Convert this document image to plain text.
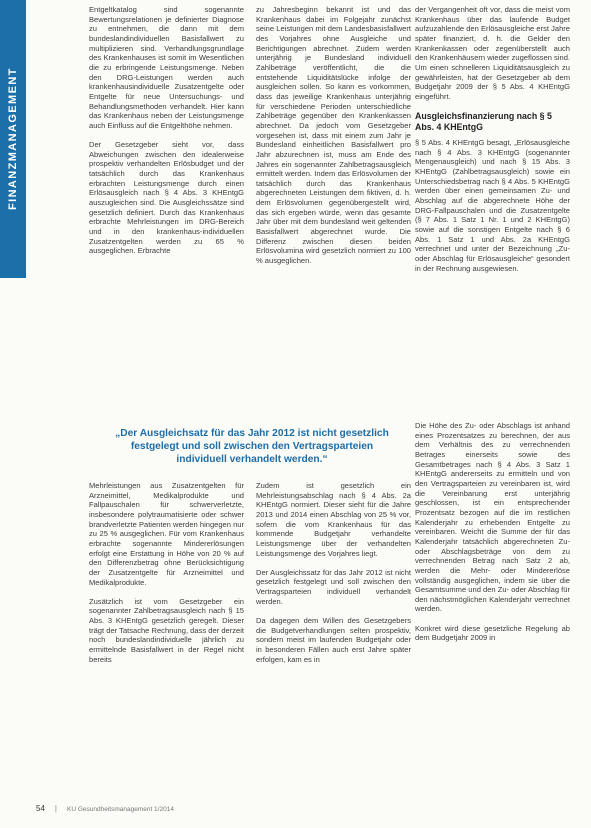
FINANZMANAGEMENT

Entgeltkatalog sind sogenannte Bewertungsrelationen je definierter Diagnose zu entnehmen, die dann mit dem bundeslandindividuellen Basisfallwert zu multiplizieren sind. Verhandlungsgrundlage des Krankenhauses ist somit im Wesentlichen die zu erbringende Leistungsmenge. Neben den DRG-Leistungen werden auch krankenhausindividuelle Zusatzentgelte oder Entgelte für neue Untersuchungs- und Behandlungsmethoden verhandelt. Hier kann das Krankenhaus neben der Leistungsmenge auch Einfluss auf die Entgelthöhe nehmen.

Der Gesetzgeber sieht vor, dass Abweichungen zwischen den idealerweise prospektiv verhandelten Erlösbudget und der tatsächlich durch das Krankenhaus erbrachten Leistungsmenge durch einen Erlösausgleich nach § 4 Abs. 3 KHEntgG auszugleichen sind. Die Ausgleichssätze sind gesetzlich definiert. Durch das Krankenhaus erbrachte Mehrleistungen im DRG-Bereich und in den krankenhaus-individuellen Zusatzentgelten werden zu 65 % ausgeglichen. Erbrachte

zu Jahresbeginn bekannt ist und das Krankenhaus dabei im Folgejahr zunächst seine Leistungen mit dem Landesbasisfallwert des Vorjahres ohne Ausgleiche und Berichtigungen abrechnet. Zudem werden unterjährig je Bundesland individuell Zahlbeträge veröffentlicht, die die entstehende Liquiditätslücke infolge der ausgleichen sollen. So kann es vorkommen, dass das jeweilige Krankenhaus unterjährig für verschiedene Perioden unterschiedliche Zahlbeträge gegenüber den Krankenkassen abrechnet. Da jedoch vom Gesetzgeber vorgesehen ist, dass mit einem zum Jahr je Bundesland einheitlichen Basisfallwert pro Jahr abzurechnen ist, muss am Ende des Jahres ein sogenannter Zahlbetragsausgleich ermittelt werden. Indem das Erlösvolumen der tatsächlich durch das Krankenhaus abgerechneten Leistungen dem fiktiven, d. h. dem Erlösvolumen gegenübergestellt wird, das sich ergeben würde, wenn das gesamte Jahr über mit dem bundesland weit geltenden Basisfallwert abgerechnet wurde. Die Differenz zwischen diesen beiden Erlösvolumina wird gesetzlich normiert zu 100 % ausgeglichen.

der Vergangenheit oft vor, dass die meist vom Krankenhaus über das laufende Budget aufzuzahlende den Erlösausgleiche erst Jahre später finanziert, d. h. die Gelder den Krankenkassen oder zegenüberstellt auch den Krankenhäusern wieder zugeflossen sind. Um einen schnelleren Liquiditätsausgleich zu gewährleisten, hat der Gesetzgeber ab dem Budgetjahr 2009 der § 5 Abs. 4 KHEntgG eingeführt.

Ausgleichsfinanzierung nach § 5 Abs. 4 KHEntgG

§ 5 Abs. 4 KHEntgG besagt, „Erlösausgleiche nach § 4 Abs. 3 KHEntgG (sogenannter Mengenausgleich) und nach § 15 Abs. 3 KHEntgG (Zahlbetragsausgleich) sowie ein Unterschiedsbetrag nach § 4 Abs. 5 KHEntgG werden über einen gemeinsamen Zu- und Abschlag auf die abgerechnete Höhe der DRG-Fallpauschalen und die Zusatzentgelte (§ 7 Abs. 1 Satz 1 Nr. 1 und 2 KHEntgG) sowie auf die sonstigen Entgelte nach § 6 Abs. 1 Satz 1 und Abs. 2a KHEntgG verrechnet und unter der Bezeichnung „Zu- oder Abschlag für Erlösausgleiche“ gesondert in der Rechnung ausgewiesen.

„Der Ausgleichsatz für das Jahr 2012 ist nicht gesetzlich festgelegt und soll zwischen den Vertragsparteien individuell verhandelt werden.“

Mehrleistungen aus Zusatzentgelten für Arzneimittel, Medikalprodukte und Fallpauschalen für schwerverletzte, insbesondere polytraumatisierte oder schwer brandverletzte Patienten werden hingegen nur zu 25 % ausgeglichen. Für vom Krankenhaus erbrachte sogenannte Mindererlösungen erfolgt eine Erstattung in Höhe von 20 % auf den Differenzbetrag ohne Berücksichtigung der Zusatzentgelte für Arzneimittel und Medikalprodukte.

Zusätzlich ist vom Gesetzgeber ein sogenannter Zahlbetragsausgleich nach § 15 Abs. 3 KHEntgG gesetzlich geregelt. Dieser trägt der Tatsache Rechnung, dass der derzeit noch bundeslandindividuelle jährlich zu ermittelnde Basisfallwert in der Regel nicht bereits

Zudem ist gesetzlich ein Mehrleistungsabschlag nach § 4 Abs. 2a KHEntgG normiert. Dieser sieht für die Jahre 2013 und 2014 einen Abschlag von 25 % vor, sofern die vom Krankenhaus für das kommende Budgetjahr verhandelte Leistungsmenge über der verhandelten Leistungsmenge des Vorjahres liegt.

Der Ausgleichssatz für das Jahr 2012 ist nicht gesetzlich festgelegt und soll zwischen den Vertragsparteien individuell verhandelt werden.

Da dagegen dem Willen des Gesetzgebers die Budgetverhandlungen selten prospektiv, sondern meist im laufenden Budgetjahr oder in besonderen Fällen auch erst Jahre später erfolgen, kam es in

Die Höhe des Zu- oder Abschlags ist anhand eines Prozentsatzes zu berechnen, der aus dem Verhältnis des zu verrechnenden Betrages einerseits sowie des Gesamtbetrages nach § 4 Abs. 3 Satz 1 KHEntgG andererseits zu ermitteln und von den Vertragsparteien zu vereinbaren ist, wird die Vereinbarung erst unterjährig geschlossen, ist ein entsprechender Prozentsatz bezogen auf die im restlichen Kalenderjahr zu erhebenden Entgelte zu vereinbaren. Weicht die Summe der für das Kalenderjahr tatsächlich abgerechneten Zu- oder Abschlagsbeträge von dem zu verrechnenden Betrag nach Satz 2 ab, werden die Mehr- oder Mindererlöse vollständig ausgeglichen, indem sie über die Gesamtsumme und den Zu- oder Abschlag für den nächstmöglichen Kalenderjahr verrechnet werden.

Konkret wird diese gesetzliche Regelung ab dem Budgetjahr 2009 in

54 | KU Gesundheitsmanagement 1/2014
